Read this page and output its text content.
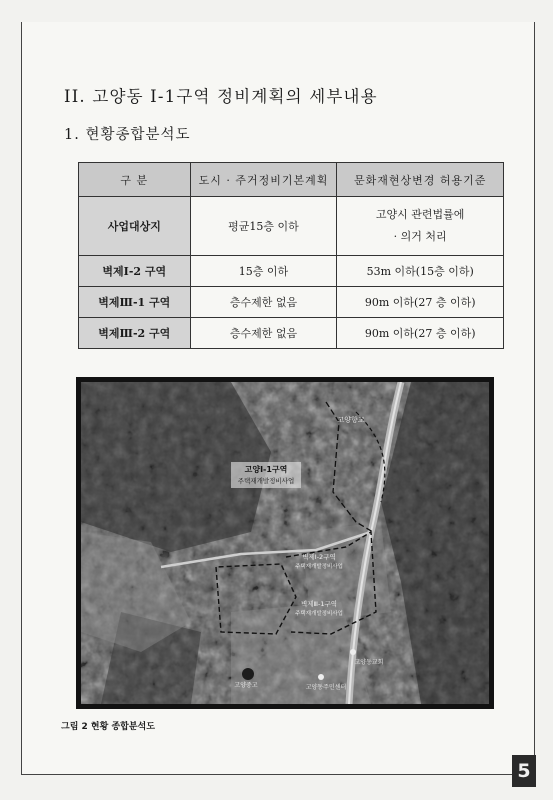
II. 고양동 Ⅰ-1구역 정비계획의 세부내용
1. 현황종합분석도
구 분	도시 · 주거정비기본계획	문화재현상변경 허용기준
사업대상지	평균15층 이하	고양시 관련법률에
· 의거 처리

벽제Ⅰ-2 구역	15층 이하	53m 이하(15층 이하)
벽제Ⅲ-1 구역	층수제한 없음	90m 이하(27 층 이하)
벽제Ⅲ-2 구역	층수제한 없음	90m 이하(27 층 이하)
고양Ⅰ-1구역
주택재개발정비사업
고양향교
벽제Ⅰ-2구역
주택재개발정비사업
벽제Ⅲ-1구역
주택재개발정비사업
고양중고
고양동교회
고양동주민센터
그림 2 현황 종합분석도
5
